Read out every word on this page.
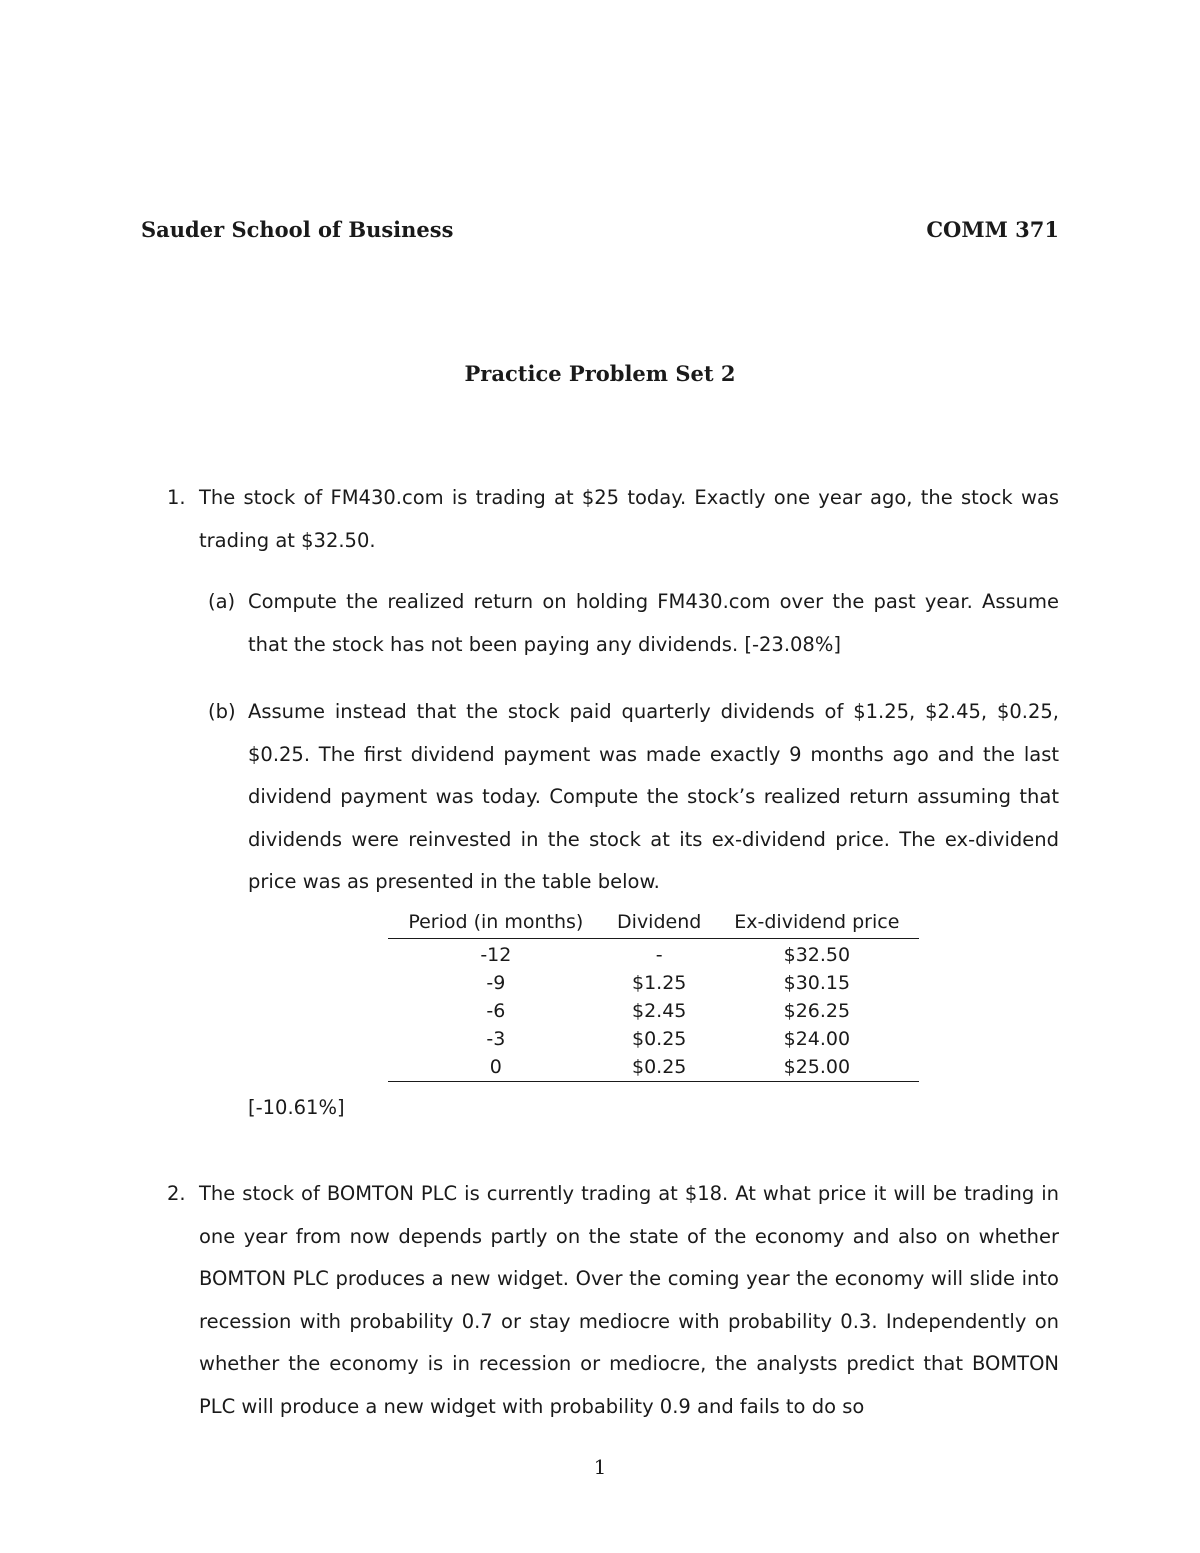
Sauder School of Business	COMM 371
Practice Problem Set 2
1. The stock of FM430.com is trading at $25 today. Exactly one year ago, the stock was trading at $32.50.
(a) Compute the realized return on holding FM430.com over the past year. Assume that the stock has not been paying any dividends. [-23.08%]
(b) Assume instead that the stock paid quarterly dividends of $1.25, $2.45, $0.25, $0.25. The first dividend payment was made exactly 9 months ago and the last dividend payment was today. Compute the stock’s realized return assuming that dividends were reinvested in the stock at its ex-dividend price. The ex-dividend price was as presented in the table below.
Period (in months)	Dividend	Ex-dividend price
-12	-	$32.50
-9	$1.25	$30.15
-6	$2.45	$26.25
-3	$0.25	$24.00
0	$0.25	$25.00
[-10.61%]
2. The stock of BOMTON PLC is currently trading at $18. At what price it will be trading in one year from now depends partly on the state of the economy and also on whether BOMTON PLC produces a new widget. Over the coming year the economy will slide into recession with probability 0.7 or stay mediocre with probability 0.3. Independently on whether the economy is in recession or mediocre, the analysts predict that BOMTON PLC will produce a new widget with probability 0.9 and fails to do so
1
